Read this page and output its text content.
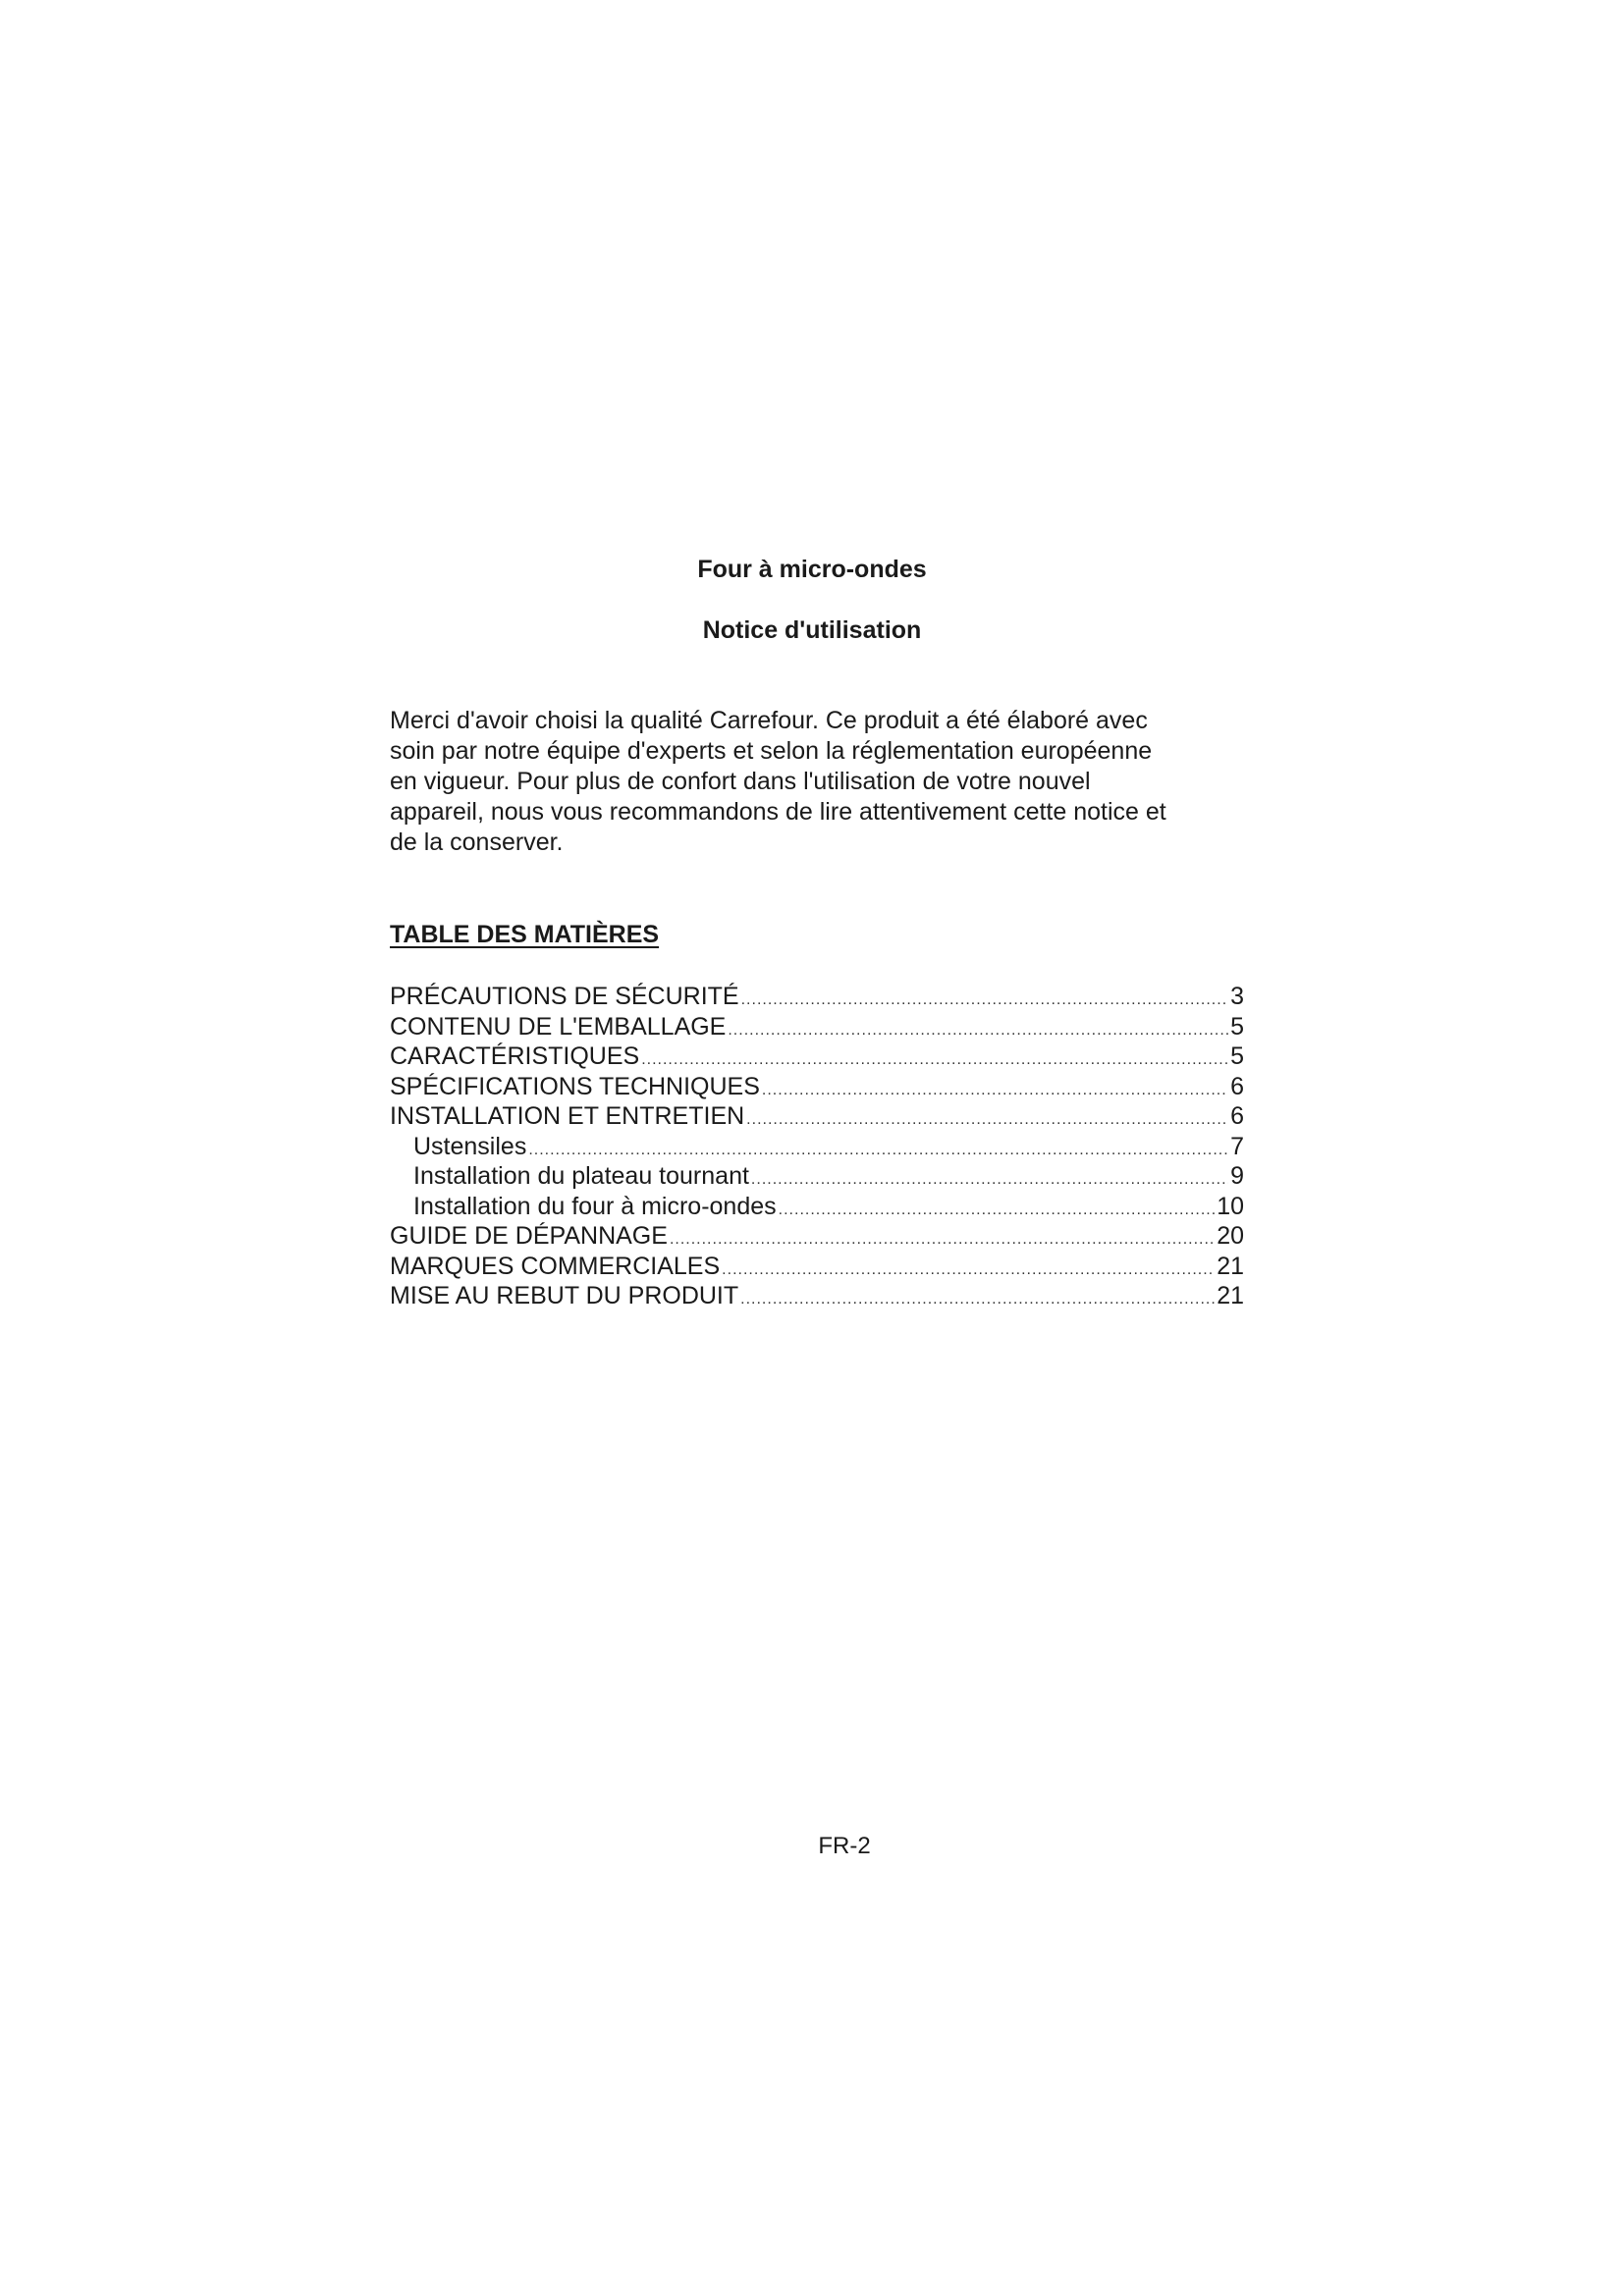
Four à micro-ondes
Notice d'utilisation

Merci d'avoir choisi la qualité Carrefour. Ce produit a été élaboré avec
soin par notre équipe d'experts et selon la réglementation européenne
en vigueur. Pour plus de confort dans l'utilisation de votre nouvel
appareil, nous vous recommandons de lire attentivement cette notice et
de la conserver.

TABLE DES MATIÈRES
PRÉCAUTIONS DE SÉCURITÉ .....	3
CONTENU DE L'EMBALLAGE .....	5
CARACTÉRISTIQUES .....	5
SPÉCIFICATIONS TECHNIQUES .....	6
INSTALLATION ET ENTRETIEN .....	6
Ustensiles .....	7
Installation du plateau tournant .....	9
Installation du four à micro-ondes .....	10
GUIDE DE DÉPANNAGE .....	20
MARQUES COMMERCIALES .....	21
MISE AU REBUT DU PRODUIT .....	21

FR-2
